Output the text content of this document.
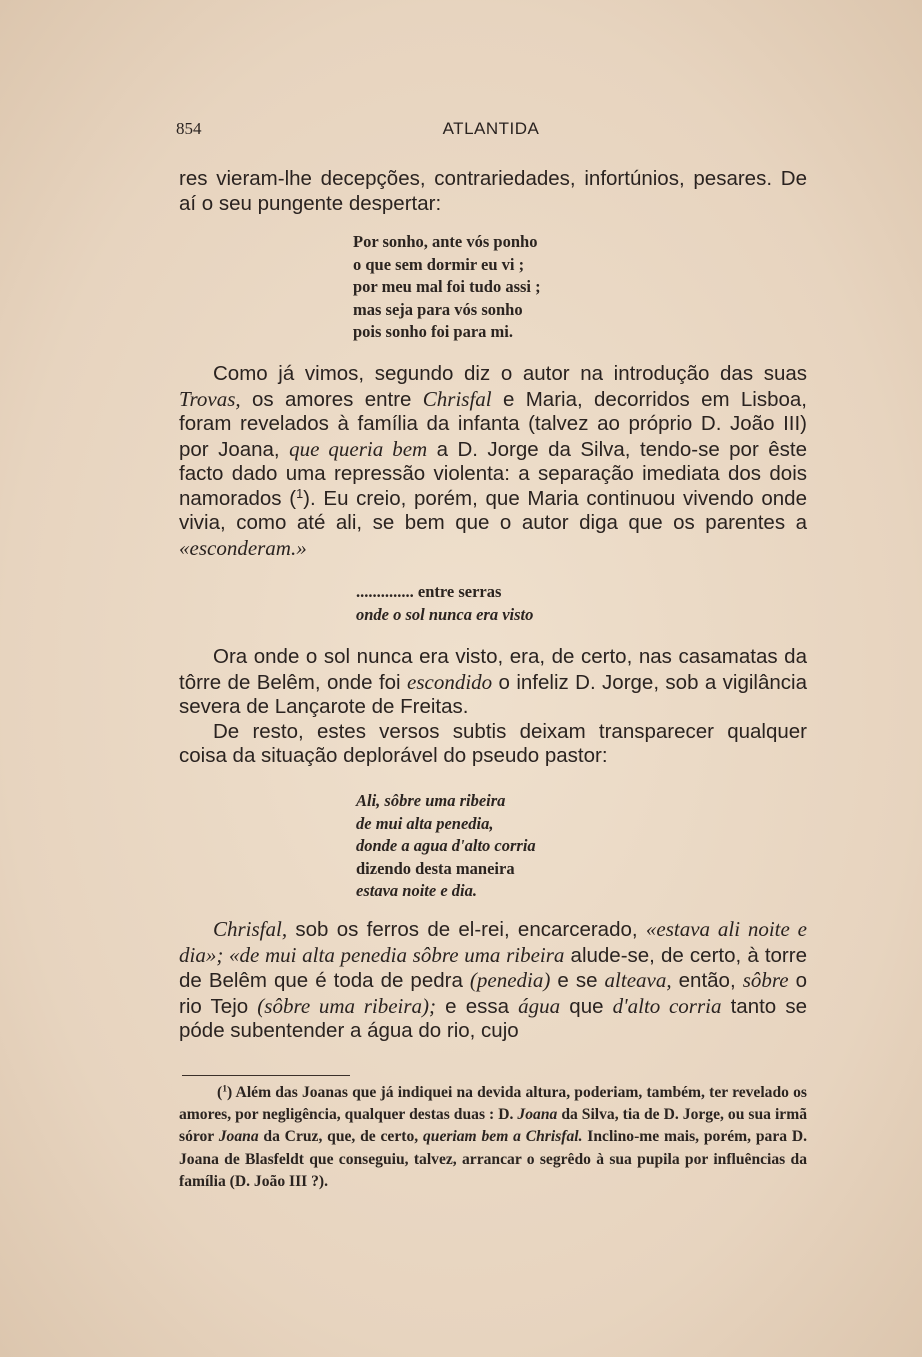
854	ATLANTIDA

res vieram-lhe decepções, contrariedades, infortúnios, pesares. De aí o seu pungente despertar:

Por sonho, ante vós ponho
o que sem dormir eu vi ;
por meu mal foi tudo assi ;
mas seja para vós sonho
pois sonho foi para mi.

Como já vimos, segundo diz o autor na introdução das suas Trovas, os amores entre Chrisfal e Maria, decorridos em Lisboa, foram revelados à família da infanta (talvez ao próprio D. João III) por Joana, que queria bem a D. Jorge da Silva, tendo-se por êste facto dado uma repressão violenta: a separação imediata dos dois namorados ($^1$). Eu creio, porém, que Maria continuou vivendo onde vivia, como até ali, se bem que o autor diga que os parentes a «esconderam.»

.............. entre serras
onde o sol nunca era visto

Ora onde o sol nunca era visto, era, de certo, nas casamatas da tôrre de Belêm, onde foi escondido o infeliz D. Jorge, sob a vigilância severa de Lançarote de Freitas.

De resto, estes versos subtis deixam transparecer qualquer coisa da situação deplorável do pseudo pastor:

Ali, sôbre uma ribeira
de mui alta penedia,
donde a agua d'alto corria
dizendo desta maneira
estava noite e dia.

Chrisfal, sob os ferros de el-rei, encarcerado, «estava ali noite e dia»; «de mui alta penedia sôbre uma ribeira alude-se, de certo, à torre de Belêm que é toda de pedra (penedia) e se alteava, então, sôbre o rio Tejo (sôbre uma ribeira); e essa água que d'alto corria tanto se póde subentender a água do rio, cujo

($^1$) Além das Joanas que já indiquei na devida altura, poderiam, também, ter revelado os amores, por negligência, qualquer destas duas : D. Joana da Silva, tia de D. Jorge, ou sua irmã sóror Joana da Cruz, que, de certo, queriam bem a Chrisfal. Inclino-me mais, porém, para D. Joana de Blasfeldt que conseguiu, talvez, arrancar o segrêdo à sua pupila por influências da família (D. João III ?).
